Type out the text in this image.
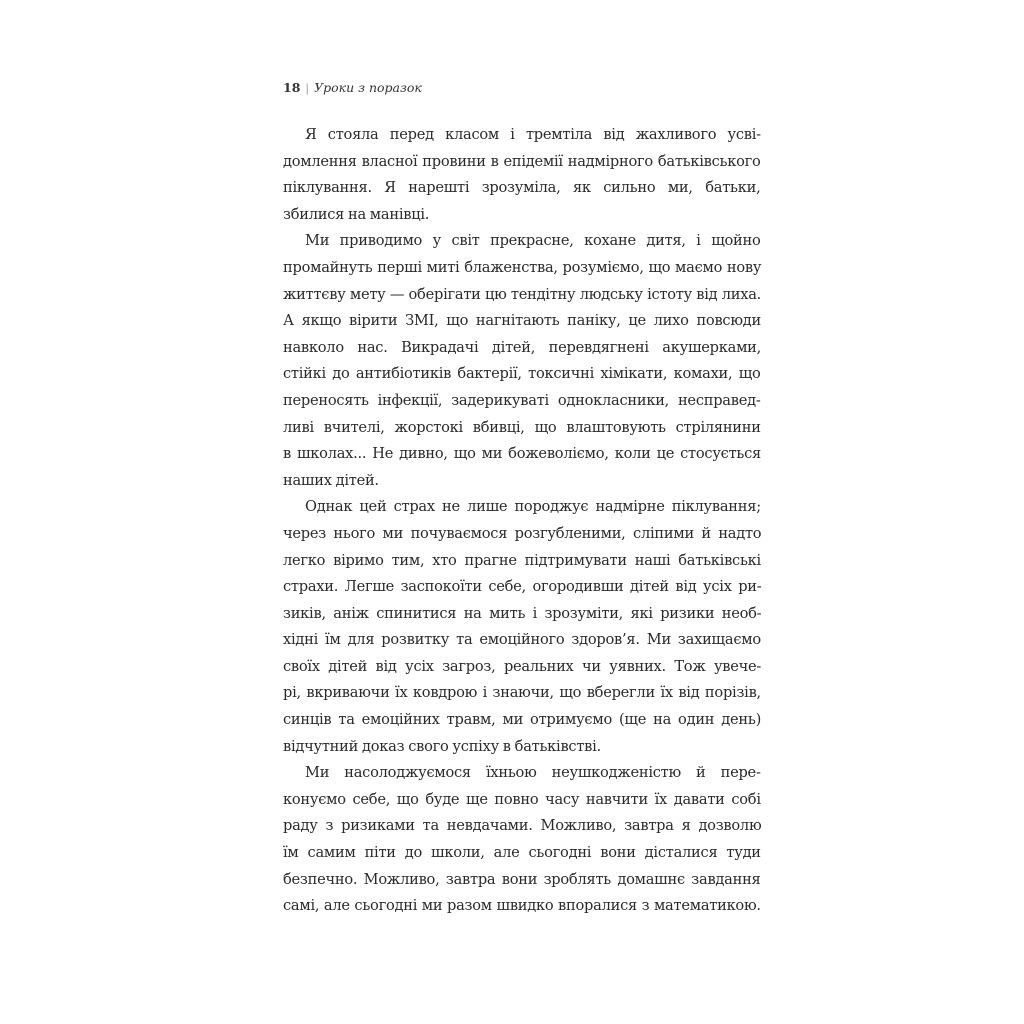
18 | Уроки з поразок
Я стояла перед класом і тремтіла від жахливого усві-
домлення власної провини в епідемії надмірного батьківського
піклування. Я нарешті зрозуміла, як сильно ми, батьки,
збилися на манівці.
Ми приводимо у світ прекрасне, кохане дитя, і щойно
промайнуть перші миті блаженства, розуміємо, що маємо нову
життєву мету — оберігати цю тендітну людську істоту від лиха.
А якщо вірити ЗМІ, що нагнітають паніку, це лихо повсюди
навколо нас. Викрадачі дітей, перевдягнені акушерками,
стійкі до антибіотиків бактерії, токсичні хімікати, комахи, що
переносять інфекції, задерикуваті однокласники, несправед-
ливі вчителі, жорстокі вбивці, що влаштовують стрілянини
в школах... Не дивно, що ми божеволіємо, коли це стосується
наших дітей.
Однак цей страх не лише породжує надмірне піклування;
через нього ми почуваємося розгубленими, сліпими й надто
легко віримо тим, хто прагне підтримувати наші батьківські
страхи. Легше заспокоїти себе, огородивши дітей від усіх ри-
зиків, аніж спинитися на мить і зрозуміти, які ризики необ-
хідні їм для розвитку та емоційного здоров’я. Ми захищаємо
своїх дітей від усіх загроз, реальних чи уявних. Тож увече-
рі, вкриваючи їх ковдрою і знаючи, що вберегли їх від порізів,
синців та емоційних травм, ми отримуємо (ще на один день)
відчутний доказ свого успіху в батьківстві.
Ми насолоджуємося їхньою неушкодженістю й пере-
конуємо себе, що буде ще повно часу навчити їх давати собі
раду з ризиками та невдачами. Можливо, завтра я дозволю
їм самим піти до школи, але сьогодні вони дісталися туди
безпечно. Можливо, завтра вони зроблять домашнє завдання
самі, але сьогодні ми разом швидко впоралися з математикою.
